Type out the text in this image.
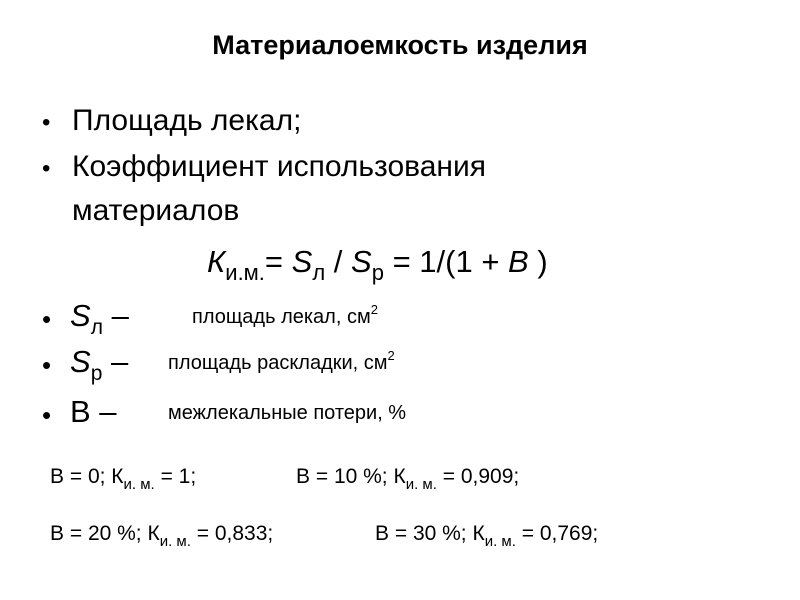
Материалоемкость изделия
• Площадь лекал;
• Коэффициент использования
материалов
$К_{и.м.}= S_л / S_р = 1/(1 + В$ )
• $S_л$ –	площадь лекал, $см^2$
• $S_р$ – площадь раскладки, $см^2$
• В –	межлекальные потери, %
В = 0; $К_{и. м.} = 1$;	В = 10 %; $К_{и. м.} = 0,909$;
В = 20 %; $К_{и. м.} = 0,833$;	В = 30 %; $К_{и. м.} = 0,769$;
